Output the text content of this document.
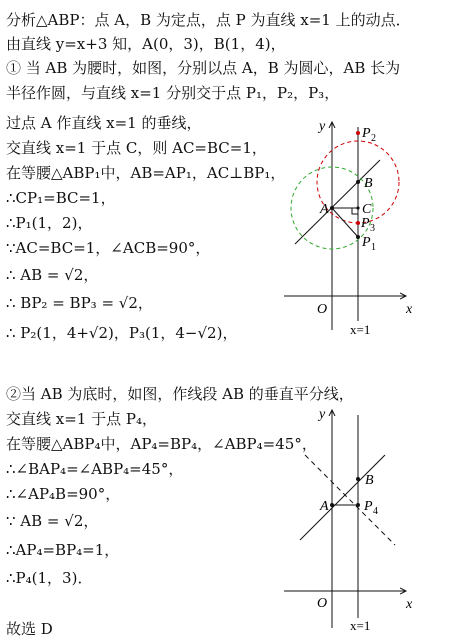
分析△ABP：点 A，B 为定点，点 P 为直线 x=1 上的动点．
由直线 y=x+3 知，A(0，3)，B(1，4)，
① 当 AB 为腰时，如图，分别以点 A，B 为圆心，AB 长为
半径作圆，与直线 x=1 分别交于点 P₁，P₂，P₃，
过点 A 作直线 x=1 的垂线，
交直线 x=1 于点 C，则 AC=BC=1，
在等腰△ABP₁中，AB=AP₁，AC⊥BP₁，
∴CP₁=BC=1，
∴P₁(1，2)，
∵AC=BC=1，∠ACB=90°，
∴ AB = √2，
∴ BP₂ = BP₃ = √2，
∴ P₂(1，4+√2)，P₃(1，4−√2)，
②当 AB 为底时，如图，作线段 AB 的垂直平分线，
交直线 x=1 于点 P₄，
在等腰△ABP₄中，AP₄=BP₄，∠ABP₄=45°，
∴∠BAP₄=∠ABP₄=45°，
∴∠AP₄B=90°，
∵ AB = √2，
∴AP₄=BP₄=1，
∴P₄(1，3)．
故选 D
y
x
O
x=1
A
B
C
P 2
P 3
P 1
y
x
O
x=1
A
B
P 4
